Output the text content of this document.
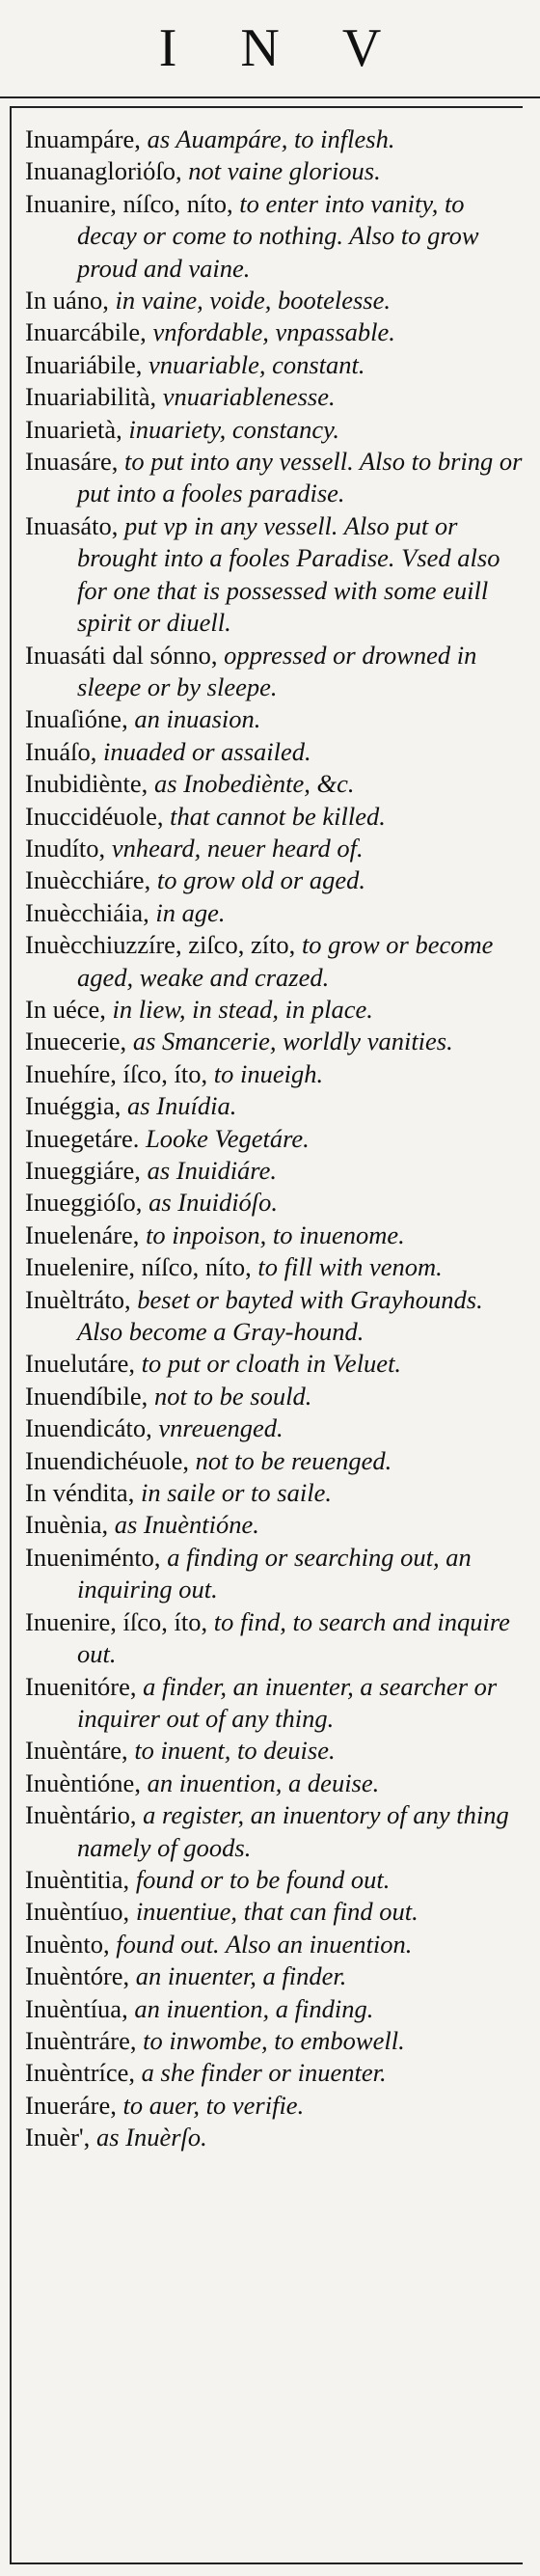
I N V
Inuampáre, as Auampáre, to inflesh.
Inuanagloriόſo, not vaine glorious.
Inuanire, níſco, níto, to enter into vanity, to decay or come to nothing. Also to grow proud and vaine.
In uáno, in vaine, voide, bootelesse.
Inuarcábile, vnfordable, vnpassable.
Inuariábile, vnuariable, constant.
Inuariabilità, vnuariablenesse.
Inuarietà, inuariety, constancy.
Inuasáre, to put into any vessell. Also to bring or put into a fooles paradise.
Inuasáto, put vp in any vessell. Also put or brought into a fooles Paradise. Vsed also for one that is possessed with some euill spirit or diuell.
Inuasáti dal sónno, oppressed or drowned in sleepe or by sleepe.
Inuaſióne, an inuasion.
Inuáſo, inuaded or assailed.
Inubidiènte, as Inobediènte, &c.
Inuccidéuole, that cannot be killed.
Inudíto, vnheard, neuer heard of.
Inuècchiáre, to grow old or aged.
Inuècchiáia, in age.
Inuècchiuzzíre, ziſco, zíto, to grow or become aged, weake and crazed.
In uéce, in liew, in stead, in place.
Inuecerie, as Smancerie, worldly vanities.
Inuehíre, íſco, íto, to inueigh.
Inuéggia, as Inuídia.
Inuegetáre. Looke Vegetáre.
Inueggiáre, as Inuidiáre.
Inueggióſo, as Inuidióſo.
Inuelenáre, to inpoison, to inuenome.
Inuelenire, níſco, níto, to fill with venom.
Inuèltráto, beset or bayted with Grayhounds. Also become a Gray-hound.
Inuelutáre, to put or cloath in Veluet.
Inuendíbile, not to be sould.
Inuendicáto, vnreuenged.
Inuendichéuole, not to be reuenged.
In véndita, in saile or to saile.
Inuènia, as Inuèntióne.
Inueniménto, a finding or searching out, an inquiring out.
Inuenire, íſco, íto, to find, to search and inquire out.
Inuenitóre, a finder, an inuenter, a searcher or inquirer out of any thing.
Inuèntáre, to inuent, to deuise.
Inuèntióne, an inuention, a deuise.
Inuèntário, a register, an inuentory of any thing namely of goods.
Inuèntitia, found or to be found out.
Inuèntíuo, inuentiue, that can find out.
Inuènto, found out. Also an inuention.
Inuèntóre, an inuenter, a finder.
Inuèntíua, an inuention, a finding.
Inuèntráre, to inwombe, to embowell.
Inuèntríce, a she finder or inuenter.
Inueráre, to auer, to verifie.
Inuèr', as Inuèrſo.
